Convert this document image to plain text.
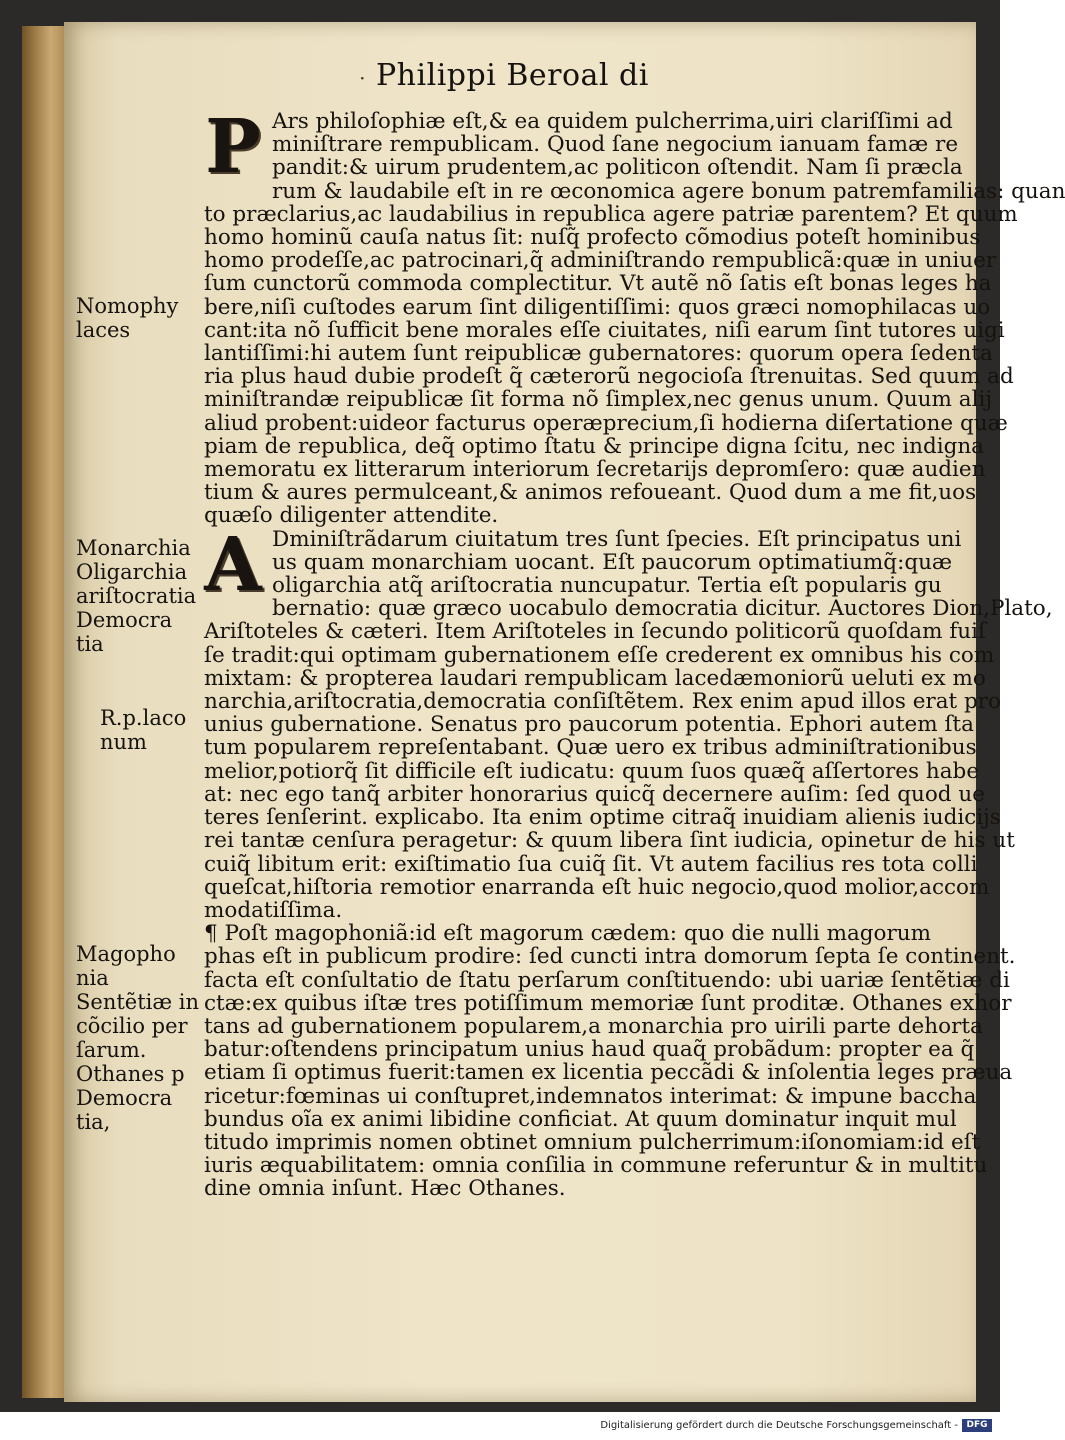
· Philippi Beroal di
Nomophy
laces
Monarchia
Oligarchia
ariſtocratia
Democra
tia
R.p.laco
num
Magopho
nia
Sentẽtiæ in
cõcilio per
ſarum.
Othanes p
Democra
tia,
P Ars philoſophiæ eſt,& ea quidem pulcherrima,uiri clariſſimi ad
miniſtrare rempublicam. Quod ſane negocium ianuam famæ re
pandit:& uirum prudentem,ac politicon oſtendit. Nam ſi præcla
rum & laudabile eſt in re œconomica agere bonum patremfamilias: quan
to præclarius,ac laudabilius in republica agere patriæ parentem? Et quum
homo hominũ cauſa natus ſit: nuſq̃ profecto cõmodius poteſt hominibus
homo prodeſſe,ac patrocinari,q̃ adminiſtrando rempublicã:quæ in uniuer
ſum cunctorũ commoda complectitur. Vt autẽ nõ ſatis eſt bonas leges ha
bere,niſi cuſtodes earum ſint diligentiſſimi: quos græci nomophilacas uo
cant:ita nõ ſufficit bene morales eſſe ciuitates, niſi earum ſint tutores uigi
lantiſſimi:hi autem ſunt reipublicæ gubernatores: quorum opera ſedenta
ria plus haud dubie prodeſt q̃ cæterorũ negocioſa ſtrenuitas. Sed quum ad
miniſtrandæ reipublicæ ſit forma nõ ſimplex,nec genus unum. Quum alij
aliud probent:uideor facturus operæprecium,ſi hodierna diſertatione quæ
piam de republica, deq̃ optimo ſtatu & principe digna ſcitu, nec indigna
memoratu ex litterarum interiorum ſecretarijs depromſero: quæ audien
tium & aures permulceant,& animos refoueant. Quod dum a me fit,uos
quæſo diligenter attendite.
A Dminiſtrãdarum ciuitatum tres ſunt ſpecies. Eſt principatus uni
us quam monarchiam uocant. Eſt paucorum optimatiumq̃:quæ
oligarchia atq̃ ariſtocratia nuncupatur. Tertia eſt popularis gu
bernatio: quæ græco uocabulo democratia dicitur. Auctores Dion,Plato,
Ariſtoteles & cæteri. Item Ariſtoteles in ſecundo politicorũ quoſdam fuiſ
ſe tradit:qui optimam gubernationem eſſe crederent ex omnibus his com
mixtam: & propterea laudari rempublicam lacedæmoniorũ ueluti ex mo
narchia,ariſtocratia,democratia conſiſtẽtem. Rex enim apud illos erat pro
unius gubernatione. Senatus pro paucorum potentia. Ephori autem ſta
tum popularem repreſentabant. Quæ uero ex tribus adminiſtrationibus
melior,potiorq̃ ſit difficile eſt iudicatu: quum ſuos quæq̃ aſſertores habe
at: nec ego tanq̃ arbiter honorarius quicq̃ decernere auſim: ſed quod ue
teres ſenſerint. explicabo. Ita enim optime citraq̃ inuidiam alienis iudicijs
rei tantæ cenſura peragetur: & quum libera ſint iudicia, opinetur de his ut
cuiq̃ libitum erit: exiſtimatio ſua cuiq̃ ſit. Vt autem facilius res tota colli
queſcat,hiſtoria remotior enarranda eſt huic negocio,quod molior,accom
modatiſſima.
¶ Poſt magophoniã:id eſt magorum cædem: quo die nulli magorum
phas eſt in publicum prodire: ſed cuncti intra domorum ſepta ſe continent.
facta eſt conſultatio de ſtatu perſarum conſtituendo: ubi uariæ ſentẽtiæ di
ctæ:ex quibus iſtæ tres potiſſimum memoriæ ſunt proditæ. Othanes exhor
tans ad gubernationem popularem,a monarchia pro uirili parte dehorta
batur:oſtendens principatum unius haud quaq̃ probãdum: propter ea q̃
etiam ſi optimus fuerit:tamen ex licentia peccãdi & inſolentia leges præua
ricetur:fœminas ui conſtupret,indemnatos interimat: & impune baccha
bundus oĩa ex animi libidine conficiat. At quum dominatur inquit mul
titudo imprimis nomen obtinet omnium pulcherrimum:iſonomiam:id eſt
iuris æquabilitatem: omnia conſilia in commune referuntur & in multitu
dine omnia inſunt. Hæc Othanes.
Digitalisierung gefördert durch die Deutsche Forschungsgemeinschaft - DFG
